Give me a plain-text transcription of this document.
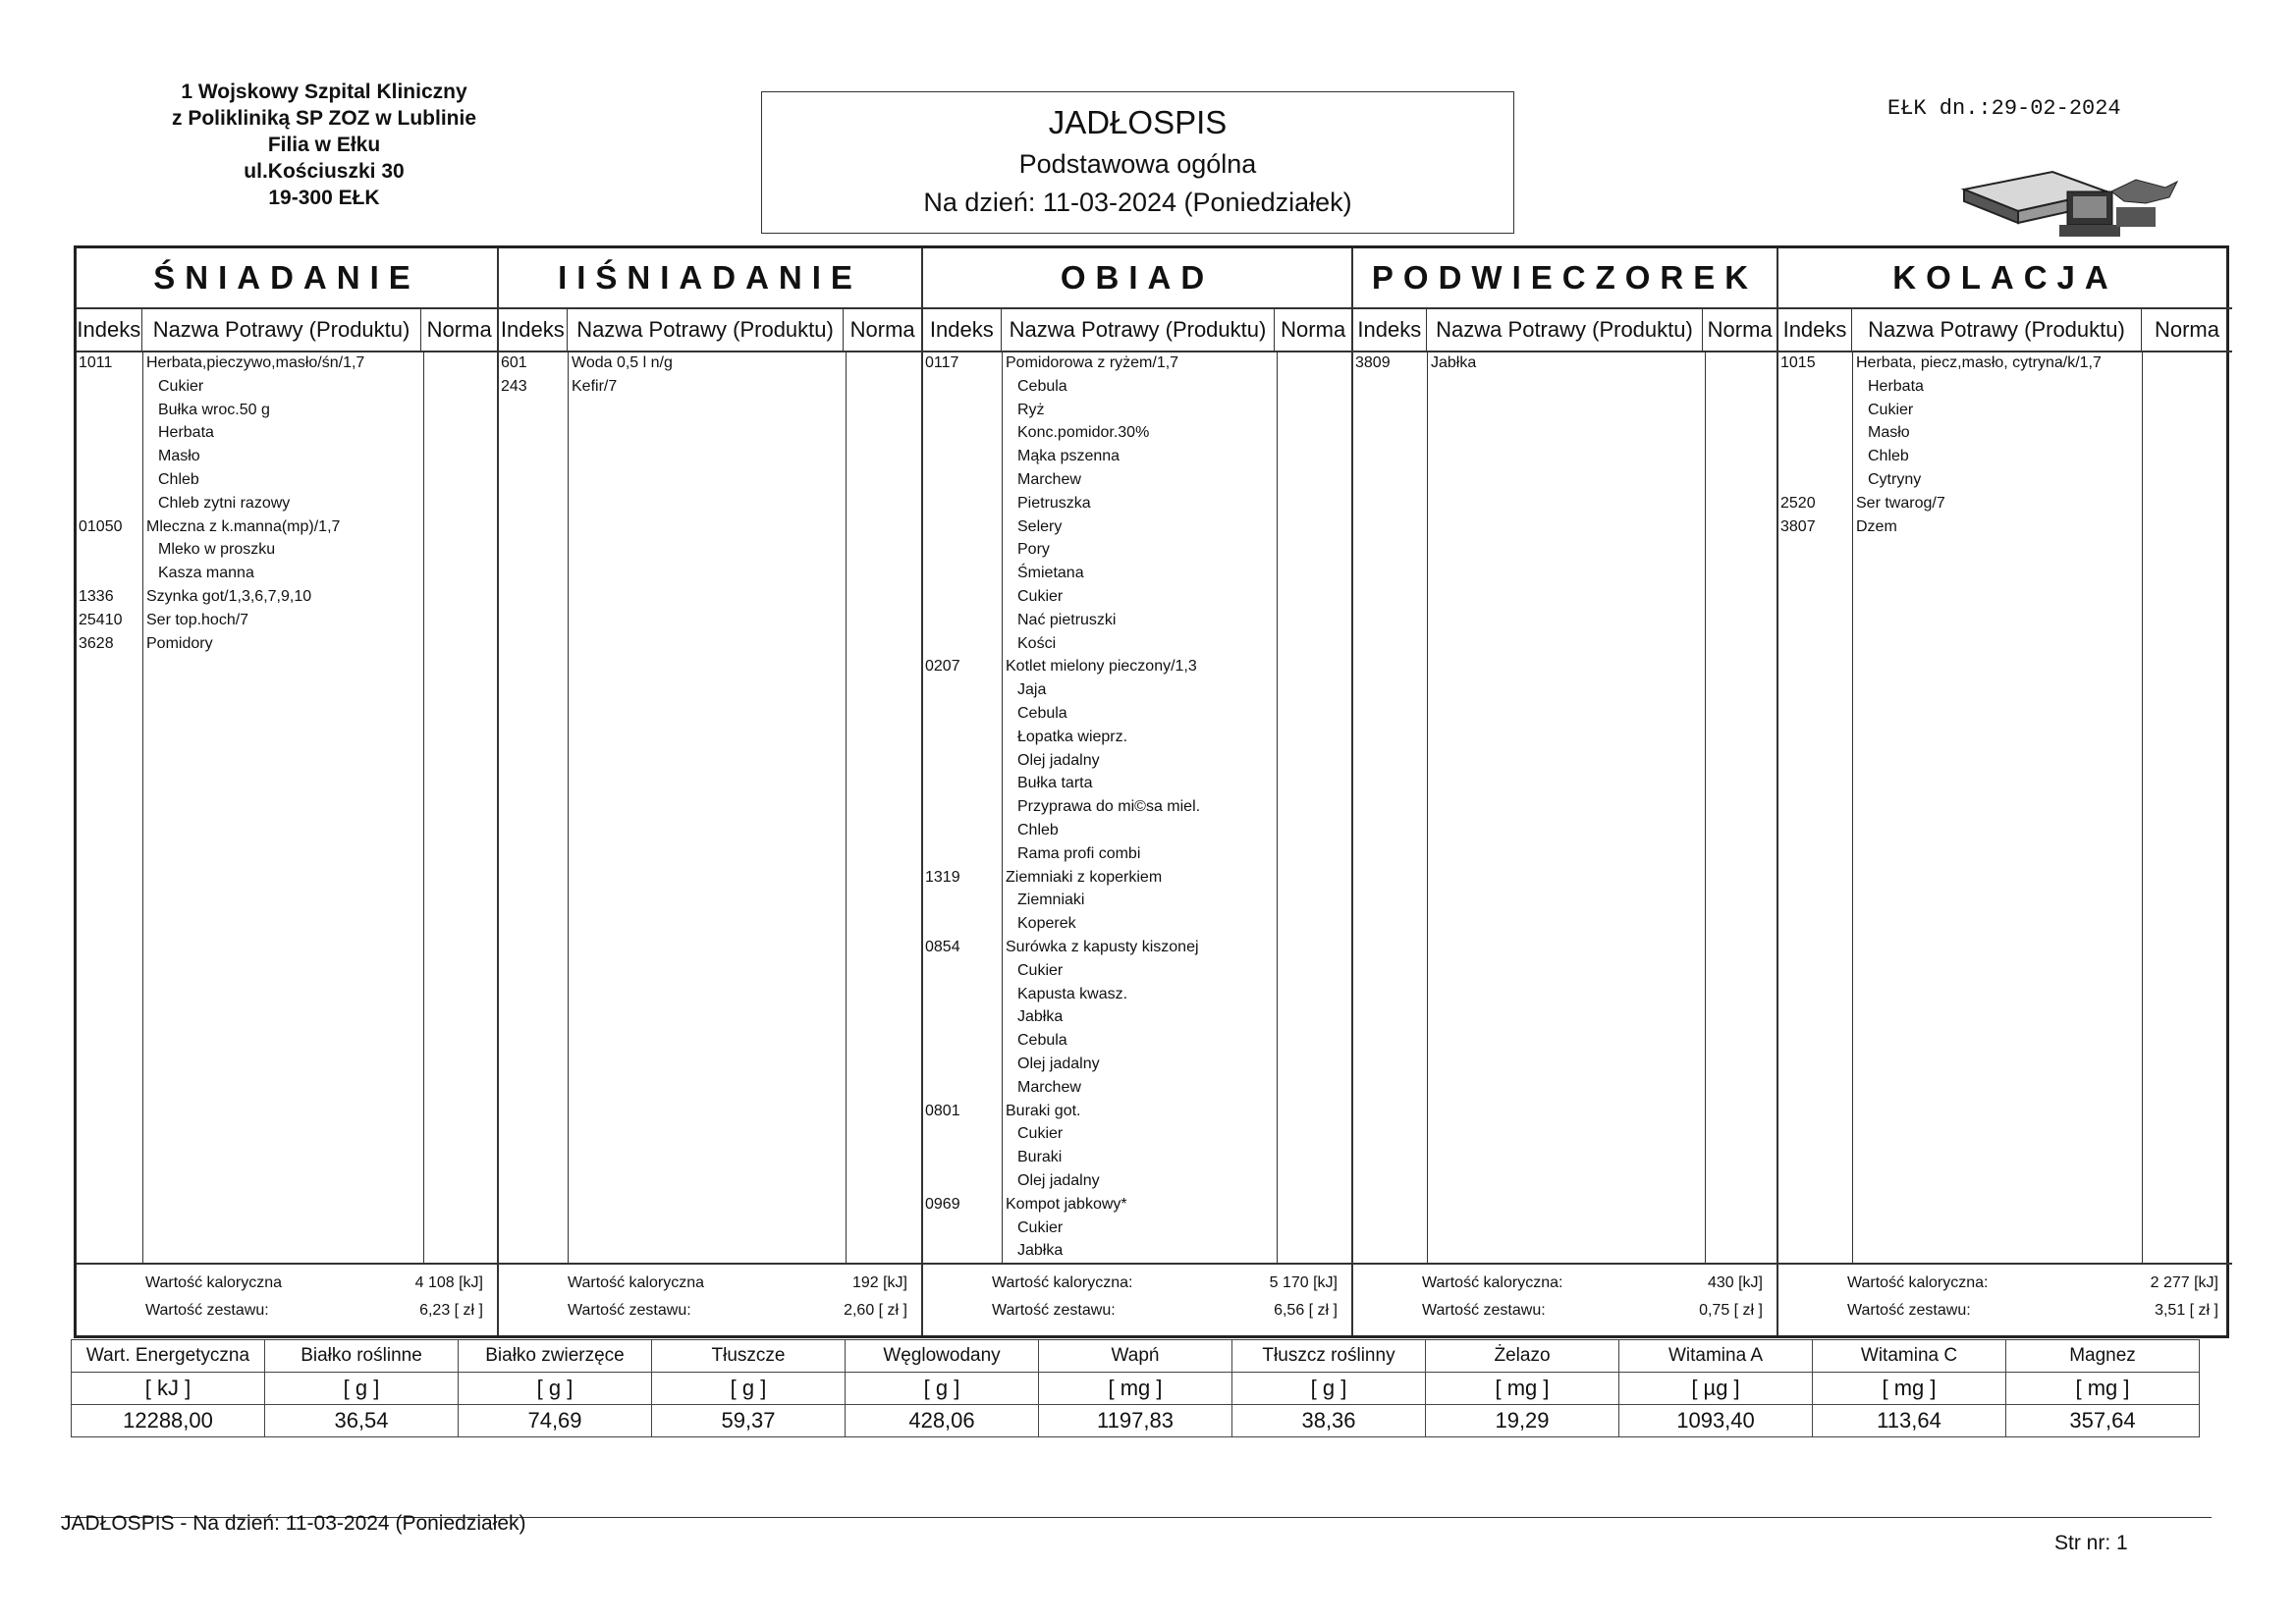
1 Wojskowy Szpital Kliniczny
z Polikliniką SP ZOZ w Lublinie
Filia w Ełku
ul.Kościuszki 30
19-300 EŁK
JADŁOSPIS
Podstawowa ogólna
Na dzień: 11-03-2024 (Poniedziałek)
EŁK dn.:29-02-2024
ŚNIADANIE
Indeks Nazwa Potrawy (Produktu) Norma
1011 Herbata,pieczywo,masło/śn/1,7
Cukier
Bułka wroc.50 g
Herbata
Masło
Chleb
Chleb zytni razowy
01050 Mleczna z k.manna(mp)/1,7
Mleko w proszku
Kasza manna
1336 Szynka got/1,3,6,7,9,10
25410 Ser top.hoch/7
3628 Pomidory
Wartość kaloryczna	4 108 [kJ]
Wartość zestawu:	6,23 [ zł ]
IIŚNIADANIE
Indeks Nazwa Potrawy (Produktu) Norma
601	Woda 0,5 l n/g
243	Kefir/7
Wartość kaloryczna	192 [kJ]
Wartość zestawu:	2,60 [ zł ]
OBIAD
Indeks Nazwa Potrawy (Produktu) Norma
0117	Pomidorowa z ryżem/1,7
Cebula
Ryż
Konc.pomidor.30%
Mąka pszenna
Marchew
Pietruszka
Selery
Pory
Śmietana
Cukier
Nać pietruszki
Kości
0207	Kotlet mielony pieczony/1,3
Jaja
Cebula
Łopatka wieprz.
Olej jadalny
Bułka tarta
Przyprawa do mi©sa miel.
Chleb
Rama profi combi
1319	Ziemniaki z koperkiem
Ziemniaki
Koperek
0854	Surówka z kapusty kiszonej
Cukier
Kapusta kwasz.
Jabłka
Cebula
Olej jadalny
Marchew
0801	Buraki got.
Cukier
Buraki
Olej jadalny
0969	Kompot jabkowy*
Cukier
Jabłka
Wartość kaloryczna:	5 170 [kJ]
Wartość zestawu:	6,56 [ zł ]
PODWIECZOREK
Indeks Nazwa Potrawy (Produktu) Norma
3809	Jabłka
Wartość kaloryczna:	430 [kJ]
Wartość zestawu:	0,75 [ zł ]
KOLACJA
Indeks Nazwa Potrawy (Produktu)	Norma
1015	Herbata, piecz,masło, cytryna/k/1,7
Herbata
Cukier
Masło
Chleb
Cytryny
2520	Ser twarog/7
3807	Dzem
Wartość kaloryczna:	2 277 [kJ]
Wartość zestawu:	3,51 [ zł ]
Wart. Energetyczna	Białko roślinne	Białko zwierzęce	Tłuszcze	Węglowodany	Wapń	Tłuszcz roślinny	Żelazo	Witamina A	Witamina C	Magnez
[ kJ ]	[ g ]	[ g ]	[ g ]	[ g ]	[ mg ]	[ g ]	[ mg ]	[ µg ]	[ mg ]	[ mg ]
12288,00	36,54	74,69	59,37	428,06	1197,83	38,36	19,29	1093,40	113,64	357,64
JADŁOSPIS - Na dzień: 11-03-2024 (Poniedziałek)
Str nr: 1
